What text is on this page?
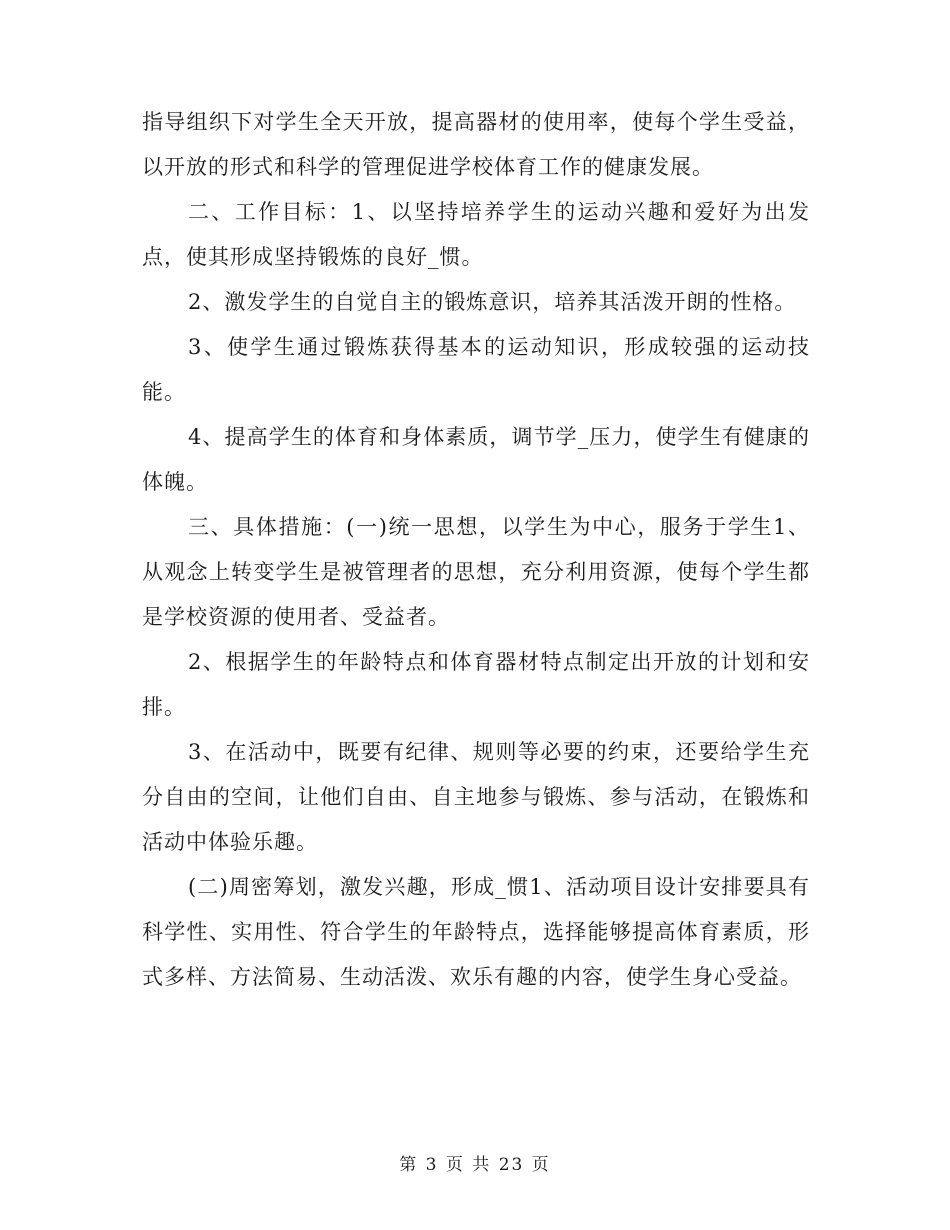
指导组织下对学生全天开放，提高器材的使用率，使每个学生受益，以开放的形式和科学的管理促进学校体育工作的健康发展。

二、工作目标：1、以坚持培养学生的运动兴趣和爱好为出发点，使其形成坚持锻炼的良好_惯。

2、激发学生的自觉自主的锻炼意识，培养其活泼开朗的性格。

3、使学生通过锻炼获得基本的运动知识，形成较强的运动技能。

4、提高学生的体育和身体素质，调节学_压力，使学生有健康的体魄。

三、具体措施：(一)统一思想，以学生为中心，服务于学生1、从观念上转变学生是被管理者的思想，充分利用资源，使每个学生都是学校资源的使用者、受益者。

2、根据学生的年龄特点和体育器材特点制定出开放的计划和安排。

3、在活动中，既要有纪律、规则等必要的约束，还要给学生充分自由的空间，让他们自由、自主地参与锻炼、参与活动，在锻炼和活动中体验乐趣。

(二)周密筹划，激发兴趣，形成_惯1、活动项目设计安排要具有科学性、实用性、符合学生的年龄特点，选择能够提高体育素质，形式多样、方法简易、生动活泼、欢乐有趣的内容，使学生身心受益。

第 3 页 共 23 页
